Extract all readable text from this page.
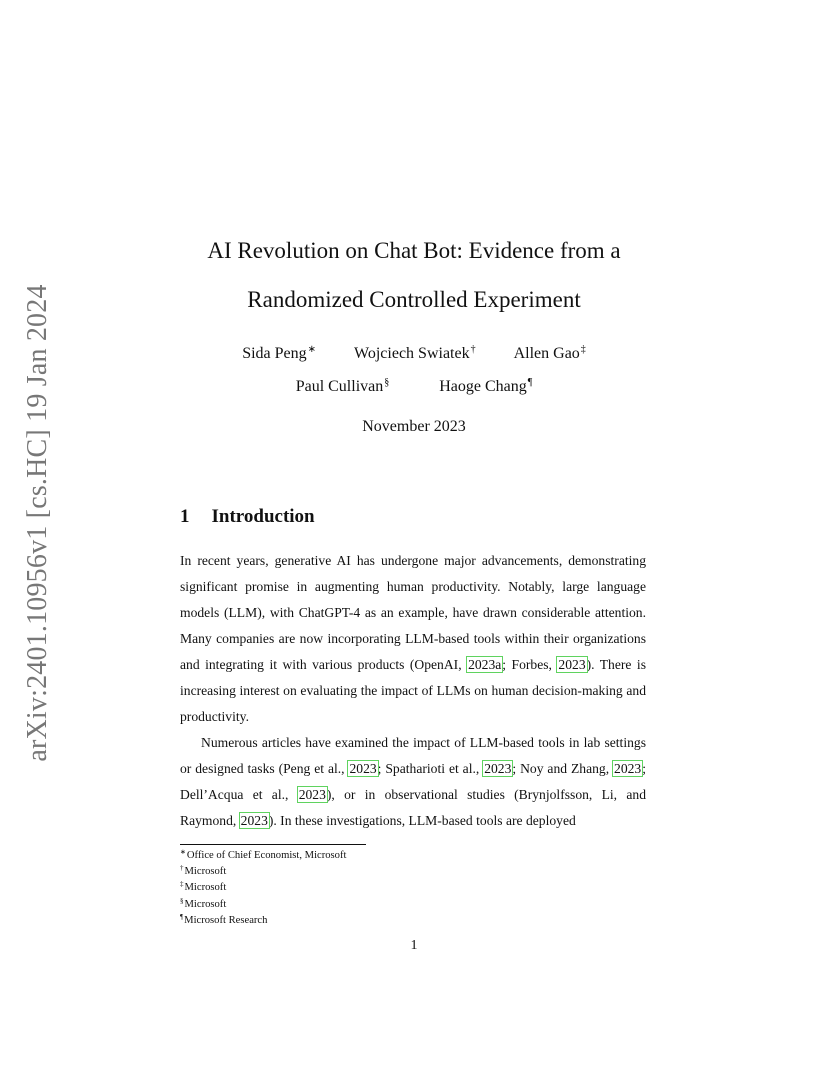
arXiv:2401.10956v1 [cs.HC] 19 Jan 2024
AI Revolution on Chat Bot: Evidence from a
Randomized Controlled Experiment
Sida Peng∗ Wojciech Swiatek† Allen Gao‡
Paul Cullivan§	Haoge Chang¶
November 2023
1 Introduction

In recent years, generative AI has undergone major advancements, demonstrating significant promise in augmenting human productivity. Notably, large language models (LLM), with ChatGPT-4 as an example, have drawn considerable attention. Many companies are now incorporating LLM-based tools within their organizations and integrating it with various products (OpenAI, 2023a; Forbes, 2023). There is increasing interest on evaluating the impact of LLMs on human decision-making and productivity.

Numerous articles have examined the impact of LLM-based tools in lab settings or designed tasks (Peng et al., 2023; Spatharioti et al., 2023; Noy and Zhang, 2023; Dell’Acqua et al., 2023), or in observational studies (Brynjolfsson, Li, and Raymond, 2023). In these investigations, LLM-based tools are deployed

∗Office of Chief Economist, Microsoft
†Microsoft
‡Microsoft
§Microsoft
¶Microsoft Research
1
